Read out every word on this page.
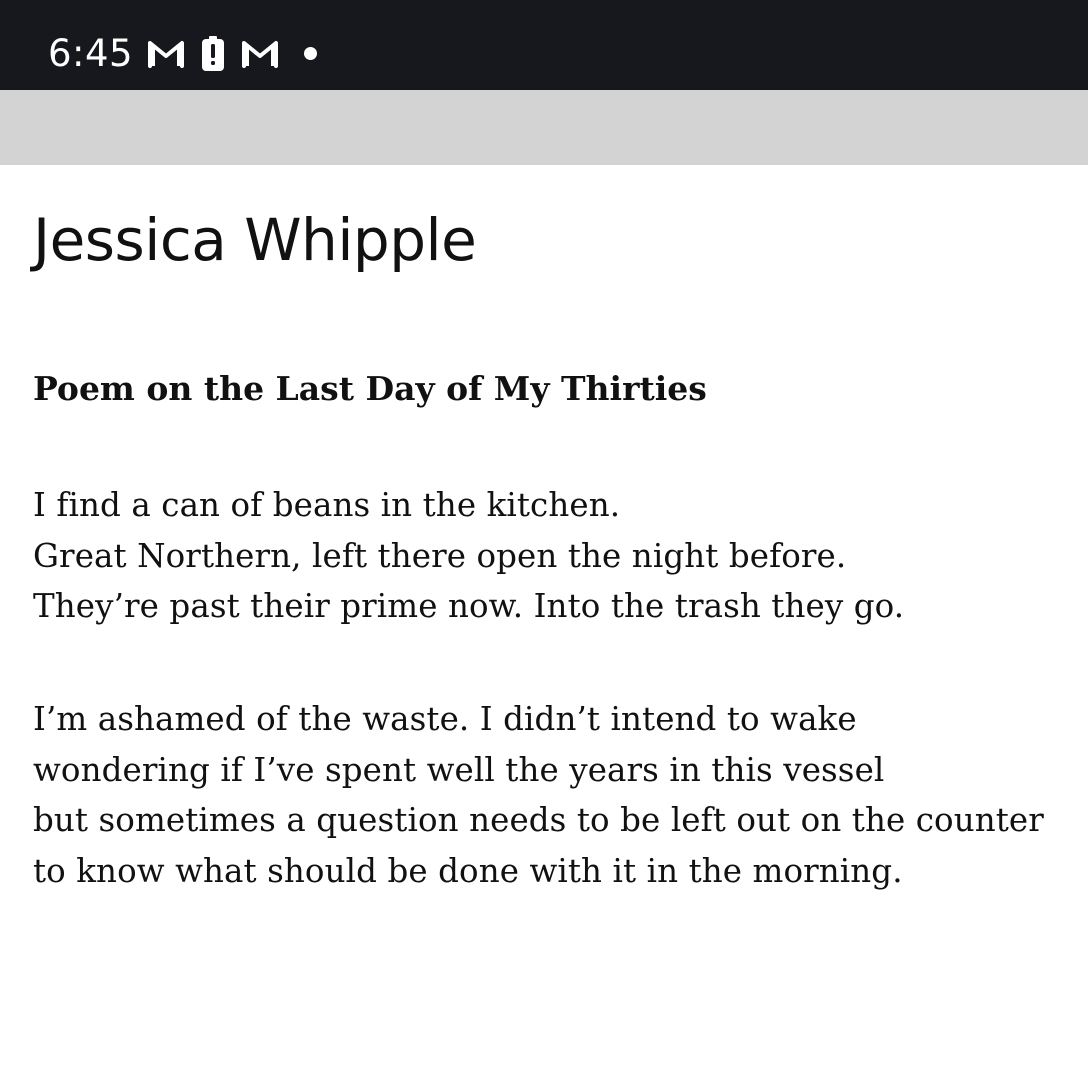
6:45
Jessica Whipple
Poem on the Last Day of My Thirties

I find a can of beans in the kitchen.
Great Northern, left there open the night before.
They’re past their prime now. Into the trash they go.

I’m ashamed of the waste. I didn’t intend to wake
wondering if I’ve spent well the years in this vessel
but sometimes a question needs to be left out on the counter
to know what should be done with it in the morning.
